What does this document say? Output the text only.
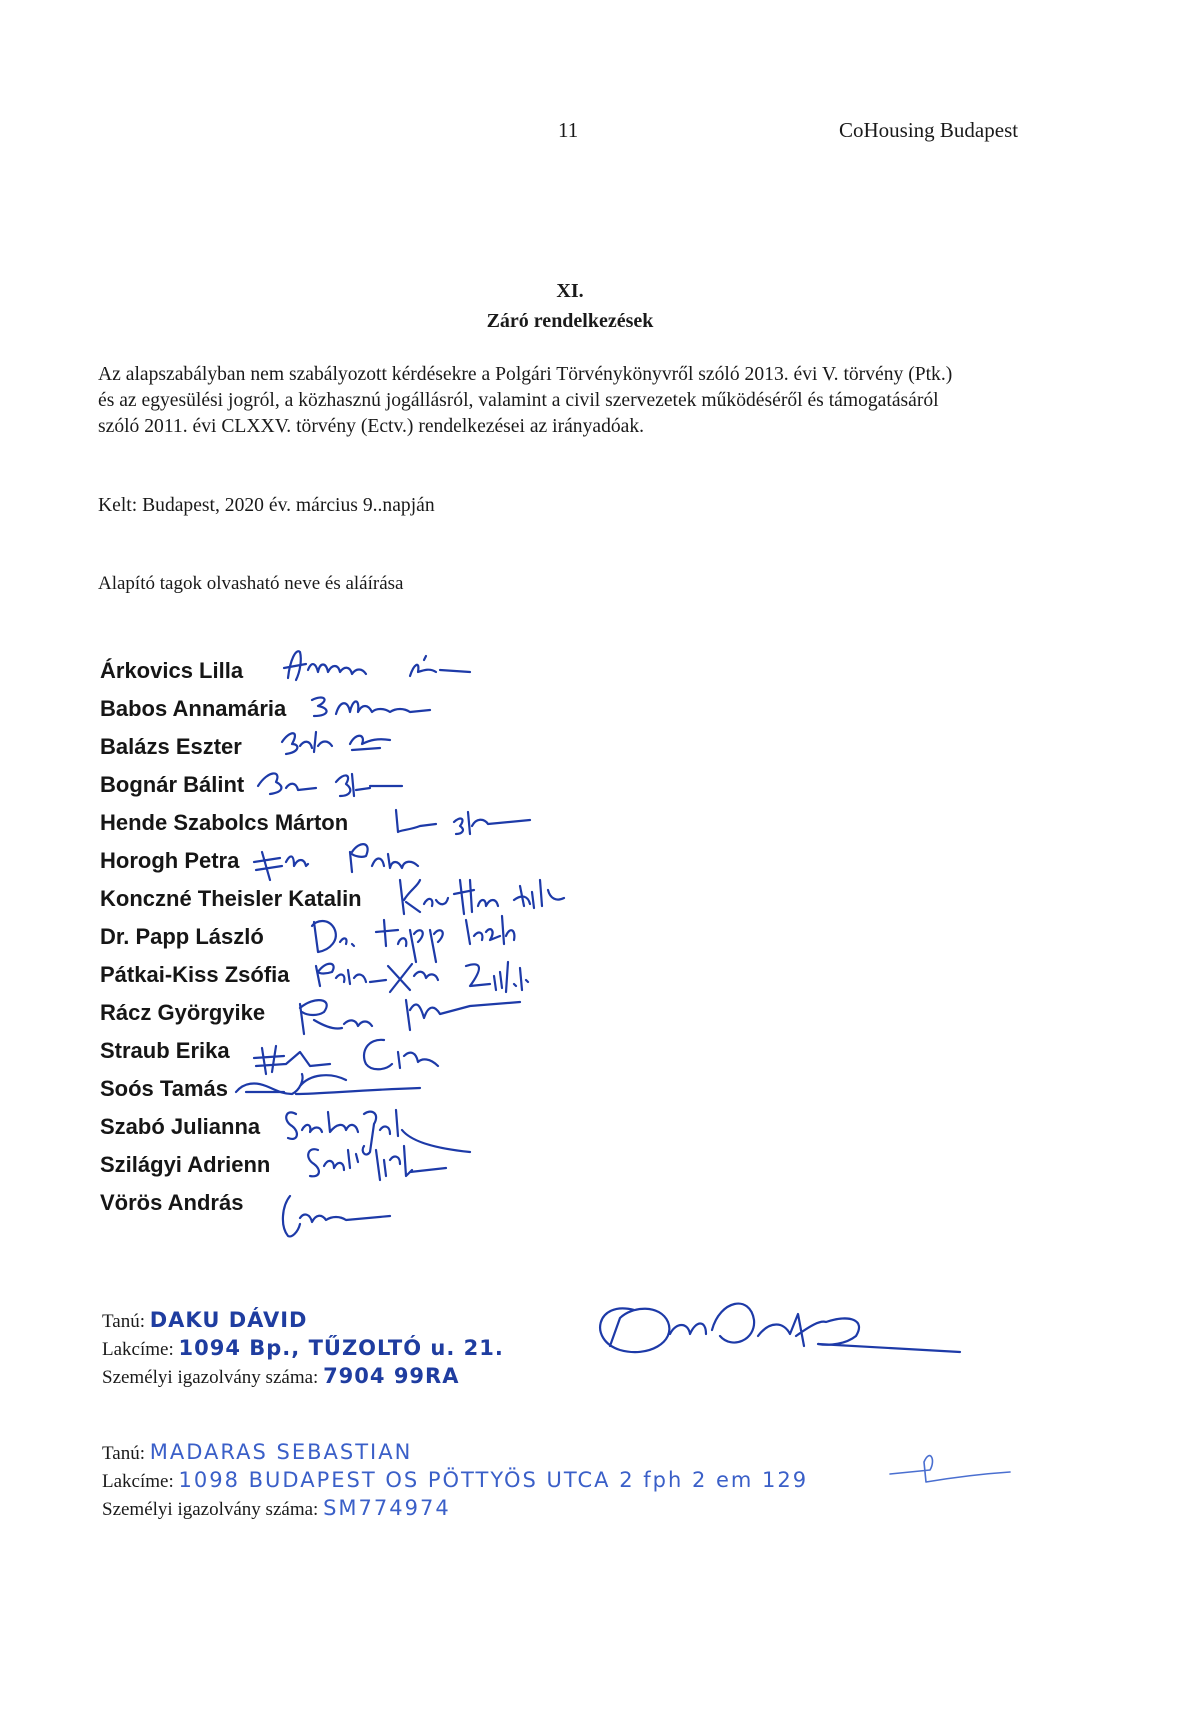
11	CoHousing Budapest
XI.
Záró rendelkezések
Az alapszabályban nem szabályozott kérdésekre a Polgári Törvénykönyvről szóló 2013. évi V. törvény (Ptk.)
és az egyesülési jogról, a közhasznú jogállásról, valamint a civil szervezetek működéséről és támogatásáról
szóló 2011. évi CLXXV. törvény (Ectv.) rendelkezései az irányadóak.
Kelt: Budapest, 2020 év. március 9..napján
Alapító tagok olvasható neve és aláírása
Árkovics Lilla
Babos Annamária
Balázs Eszter
Bognár Bálint
Hende Szabolcs Márton
Horogh Petra
Konczné Theisler Katalin
Dr. Papp László
Pátkai-Kiss Zsófia
Rácz Györgyike
Straub Erika
Soós Tamás
Szabó Julianna
Szilágyi Adrienn
Vörös András
Tanú: DAKU DÁVID
Lakcíme: 1094 Bp., TŰZOLTÓ u. 21.
Személyi igazolvány száma: 7904 99RA
Tanú: MADARAS SEBASTIAN
Lakcíme: 1098 BUDAPEST OS PÖTTYÖS UTCA 2 fph 2 em 129
Személyi igazolvány száma: SM774974
